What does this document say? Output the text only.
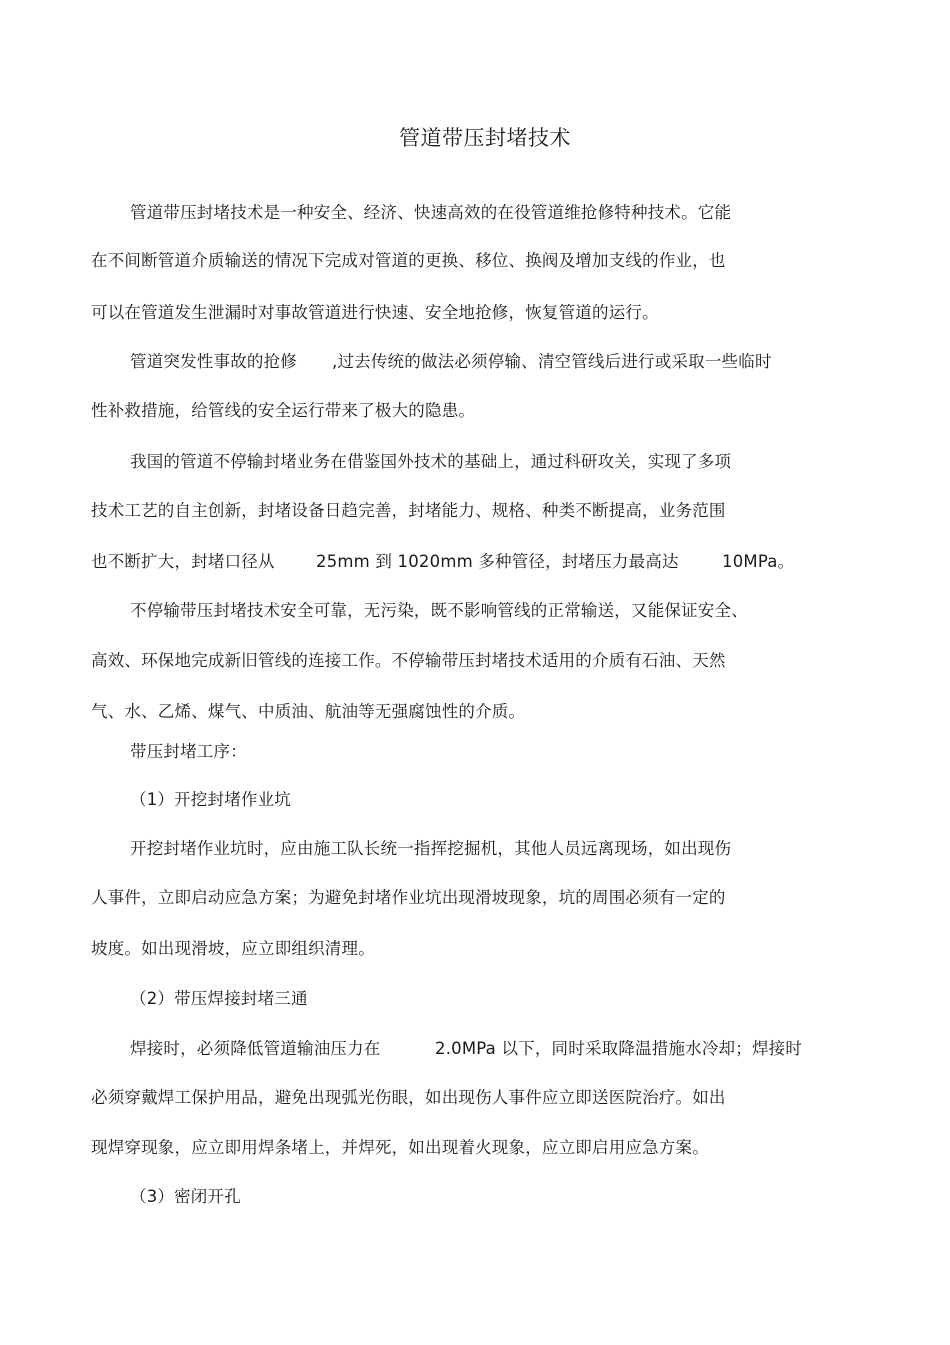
管道带压封堵技术
管道带压封堵技术是一种安全、经济、快速高效的在役管道维抢修特种技术。它能
在不间断管道介质输送的情况下完成对管道的更换、移位、换阀及增加支线的作业，也
可以在管道发生泄漏时对事故管道进行快速、安全地抢修，恢复管道的运行。
管道突发性事故的抢修 ,过去传统的做法必须停输、清空管线后进行或采取一些临时
性补救措施，给管线的安全运行带来了极大的隐患。
我国的管道不停输封堵业务在借鉴国外技术的基础上，通过科研攻关，实现了多项
技术工艺的自主创新，封堵设备日趋完善，封堵能力、规格、种类不断提高，业务范围
也不断扩大，封堵口径从	25mm 到 1020mm 多种管径，封堵压力最高达	10MPa。
不停输带压封堵技术安全可靠，无污染，既不影响管线的正常输送，又能保证安全、
高效、环保地完成新旧管线的连接工作。不停输带压封堵技术适用的介质有石油、天然
气、水、乙烯、煤气、中质油、航油等无强腐蚀性的介质。
带压封堵工序：
（1）开挖封堵作业坑
开挖封堵作业坑时，应由施工队长统一指挥挖掘机，其他人员远离现场，如出现伤
人事件，立即启动应急方案；为避免封堵作业坑出现滑坡现象，坑的周围必须有一定的
坡度。如出现滑坡，应立即组织清理。
（2）带压焊接封堵三通
焊接时，必须降低管道输油压力在	2.0MPa 以下，同时采取降温措施水冷却；焊接时
必须穿戴焊工保护用品，避免出现弧光伤眼，如出现伤人事件应立即送医院治疗。如出
现焊穿现象，应立即用焊条堵上，并焊死，如出现着火现象，应立即启用应急方案。
（3）密闭开孔
